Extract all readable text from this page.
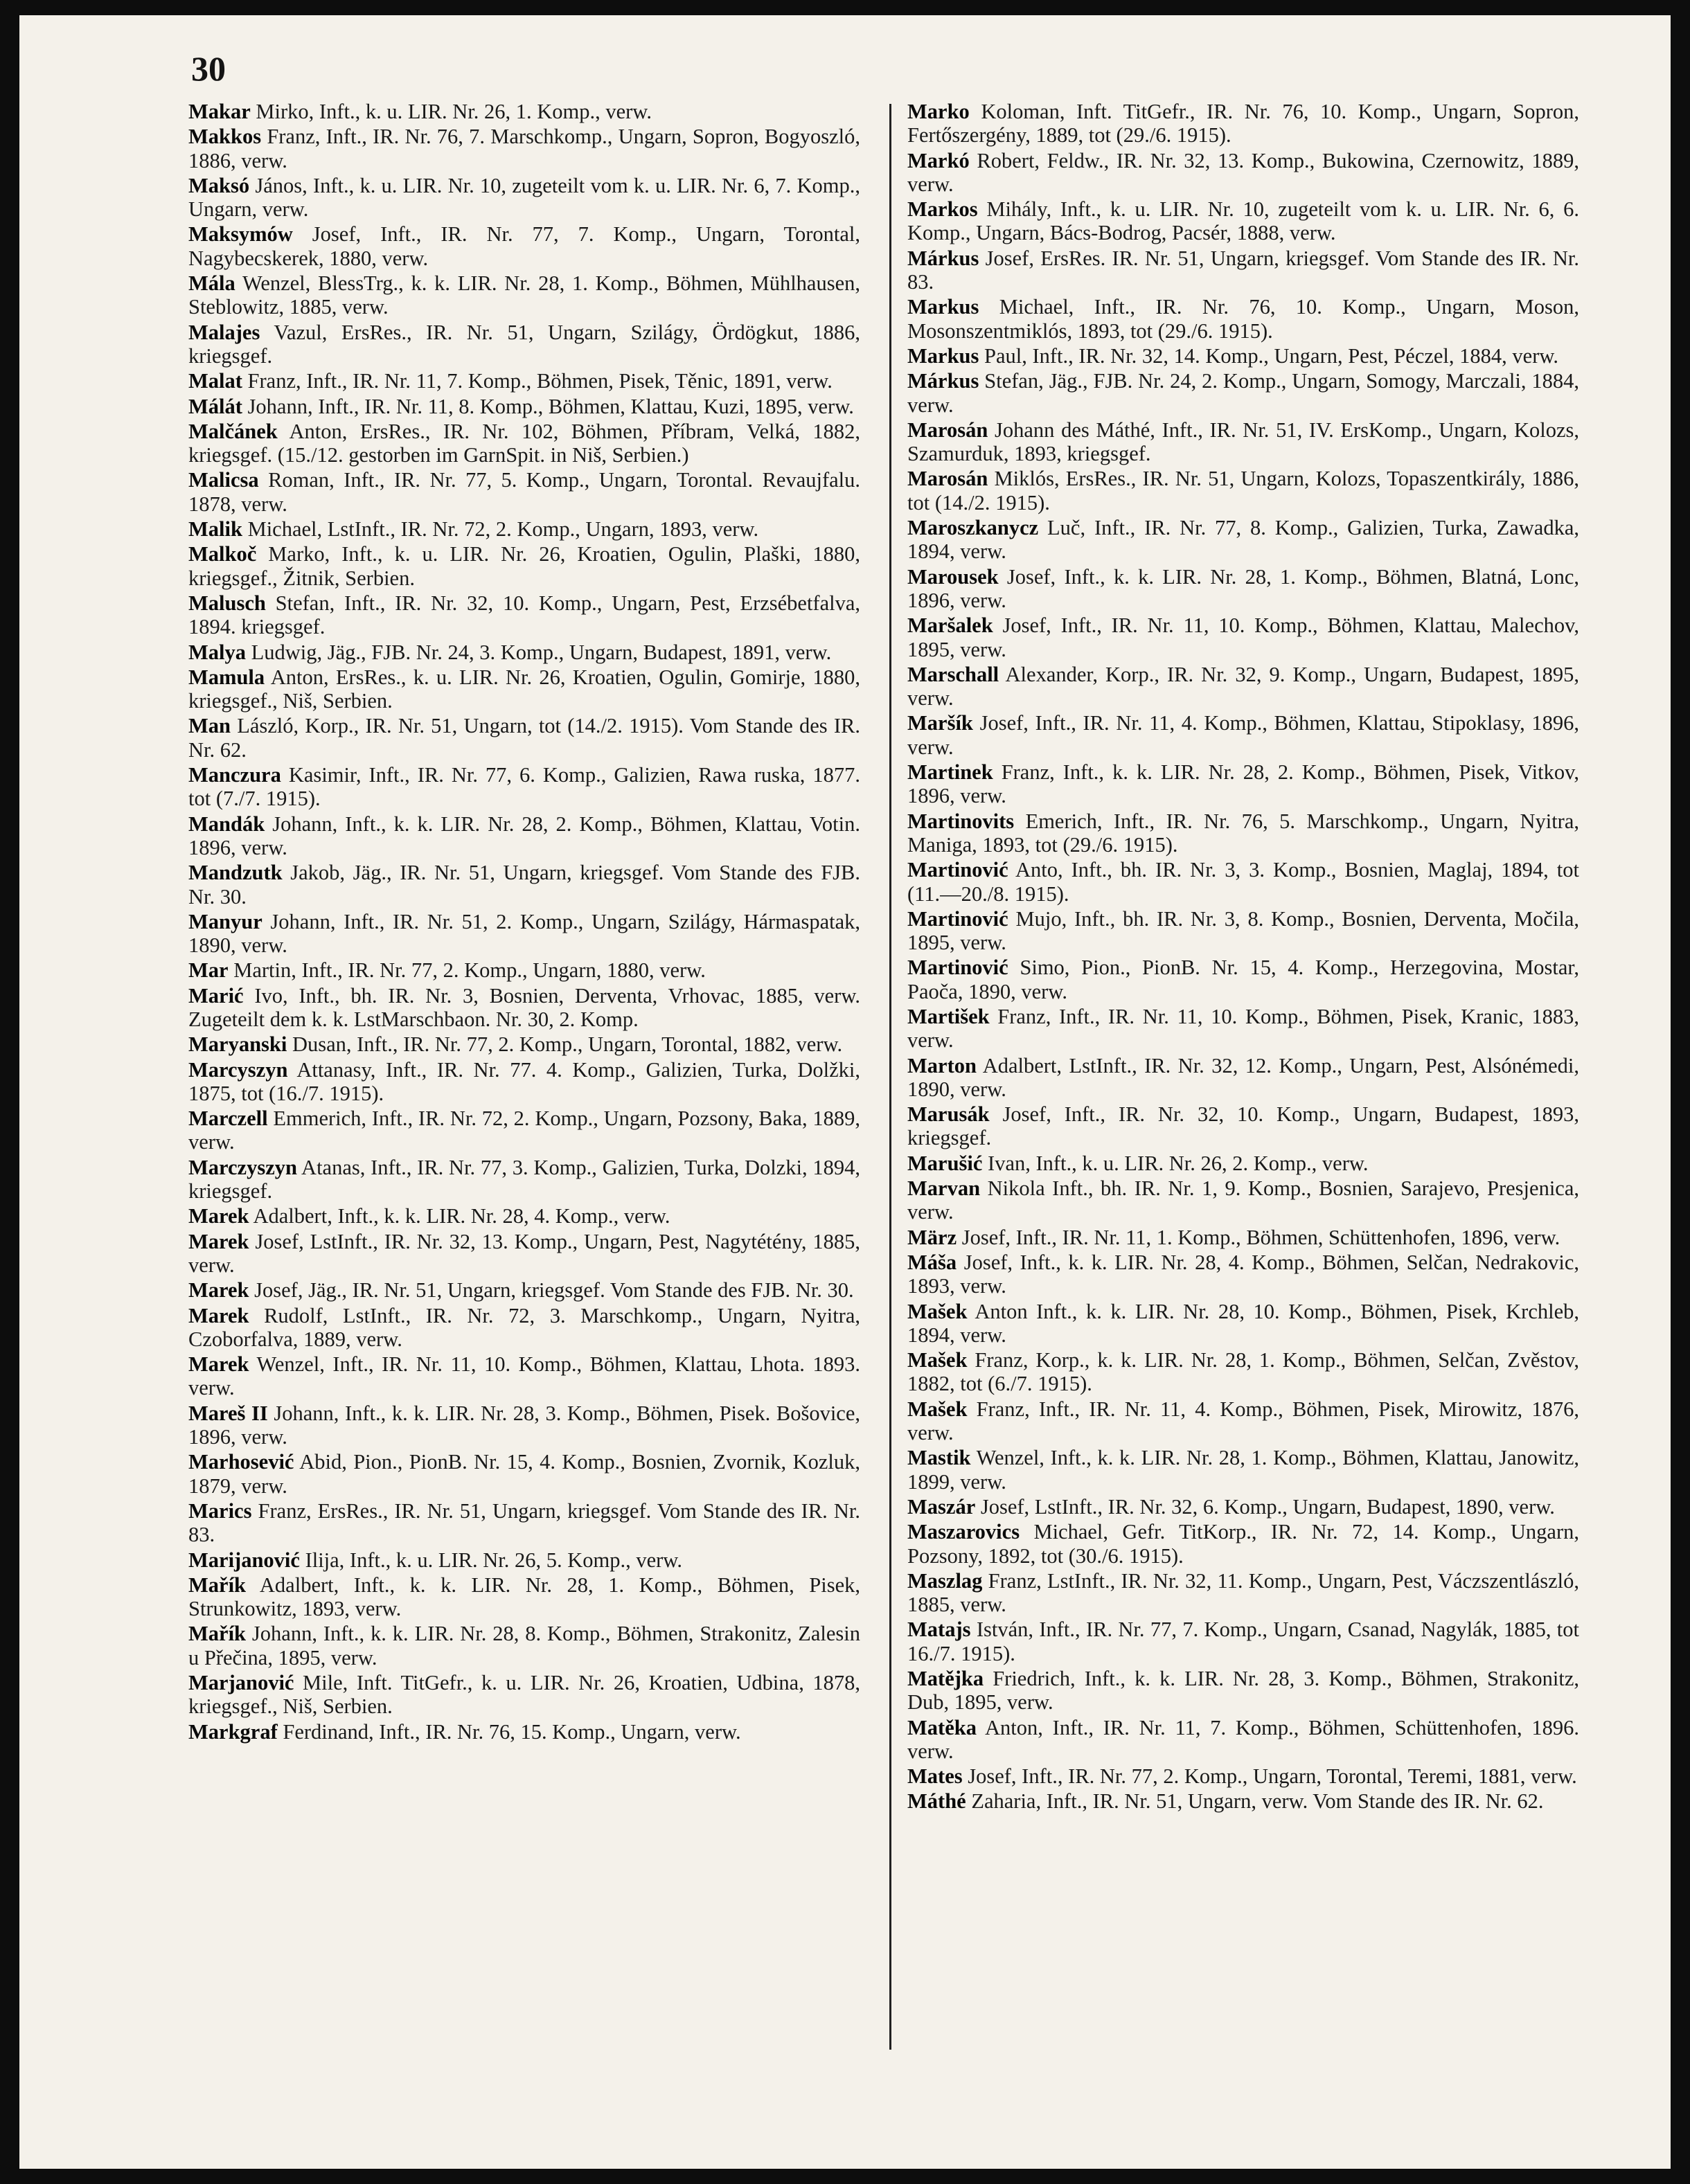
30
Makar Mirko, Inft., k. u. LIR. Nr. 26, 1. Komp., verw.
Makkos Franz, Inft., IR. Nr. 76, 7. Marschkomp., Ungarn, Sopron, Bogyoszló, 1886, verw.
Maksó János, Inft., k. u. LIR. Nr. 10, zugeteilt vom k. u. LIR. Nr. 6, 7. Komp., Ungarn, verw.
Maksymów Josef, Inft., IR. Nr. 77, 7. Komp., Ungarn, Torontal, Nagybecskerek, 1880, verw.
Mála Wenzel, BlessTrg., k. k. LIR. Nr. 28, 1. Komp., Böhmen, Mühlhausen, Steblowitz, 1885, verw.
Malajes Vazul, ErsRes., IR. Nr. 51, Ungarn, Szilágy, Ördögkut, 1886, kriegsgef.
Malat Franz, Inft., IR. Nr. 11, 7. Komp., Böhmen, Pisek, Těnic, 1891, verw.
Málát Johann, Inft., IR. Nr. 11, 8. Komp., Böhmen, Klattau, Kuzi, 1895, verw.
Malčánek Anton, ErsRes., IR. Nr. 102, Böhmen, Příbram, Velká, 1882, kriegsgef. (15./12. gestorben im GarnSpit. in Niš, Serbien.)
Malicsa Roman, Inft., IR. Nr. 77, 5. Komp., Ungarn, Torontal. Revaujfalu. 1878, verw.
Malik Michael, LstInft., IR. Nr. 72, 2. Komp., Ungarn, 1893, verw.
Malkoč Marko, Inft., k. u. LIR. Nr. 26, Kroatien, Ogulin, Plaški, 1880, kriegsgef., Žitnik, Serbien.
Malusch Stefan, Inft., IR. Nr. 32, 10. Komp., Ungarn, Pest, Erzsébetfalva, 1894. kriegsgef.
Malya Ludwig, Jäg., FJB. Nr. 24, 3. Komp., Ungarn, Budapest, 1891, verw.
Mamula Anton, ErsRes., k. u. LIR. Nr. 26, Kroatien, Ogulin, Gomirje, 1880, kriegsgef., Niš, Serbien.
Man László, Korp., IR. Nr. 51, Ungarn, tot (14./2. 1915). Vom Stande des IR. Nr. 62.
Manczura Kasimir, Inft., IR. Nr. 77, 6. Komp., Galizien, Rawa ruska, 1877. tot (7./7. 1915).
Mandák Johann, Inft., k. k. LIR. Nr. 28, 2. Komp., Böhmen, Klattau, Votin. 1896, verw.
Mandzutk Jakob, Jäg., IR. Nr. 51, Ungarn, kriegsgef. Vom Stande des FJB. Nr. 30.
Manyur Johann, Inft., IR. Nr. 51, 2. Komp., Ungarn, Szilágy, Hármaspatak, 1890, verw.
Mar Martin, Inft., IR. Nr. 77, 2. Komp., Ungarn, 1880, verw.
Marić Ivo, Inft., bh. IR. Nr. 3, Bosnien, Derventa, Vrhovac, 1885, verw. Zugeteilt dem k. k. LstMarschbaon. Nr. 30, 2. Komp.
Maryanski Dusan, Inft., IR. Nr. 77, 2. Komp., Ungarn, Torontal, 1882, verw.
Marcyszyn Attanasy, Inft., IR. Nr. 77. 4. Komp., Galizien, Turka, Dolžki, 1875, tot (16./7. 1915).
Marczell Emmerich, Inft., IR. Nr. 72, 2. Komp., Ungarn, Pozsony, Baka, 1889, verw.
Marczyszyn Atanas, Inft., IR. Nr. 77, 3. Komp., Galizien, Turka, Dolzki, 1894, kriegsgef.
Marek Adalbert, Inft., k. k. LIR. Nr. 28, 4. Komp., verw.
Marek Josef, LstInft., IR. Nr. 32, 13. Komp., Ungarn, Pest, Nagytétény, 1885, verw.
Marek Josef, Jäg., IR. Nr. 51, Ungarn, kriegsgef. Vom Stande des FJB. Nr. 30.
Marek Rudolf, LstInft., IR. Nr. 72, 3. Marschkomp., Ungarn, Nyitra, Czoborfalva, 1889, verw.
Marek Wenzel, Inft., IR. Nr. 11, 10. Komp., Böhmen, Klattau, Lhota. 1893. verw.
Mareš II Johann, Inft., k. k. LIR. Nr. 28, 3. Komp., Böhmen, Pisek. Bošovice, 1896, verw.
Marhosević Abid, Pion., PionB. Nr. 15, 4. Komp., Bosnien, Zvornik, Kozluk, 1879, verw.
Marics Franz, ErsRes., IR. Nr. 51, Ungarn, kriegsgef. Vom Stande des IR. Nr. 83.
Marijanović Ilija, Inft., k. u. LIR. Nr. 26, 5. Komp., verw.
Mařík Adalbert, Inft., k. k. LIR. Nr. 28, 1. Komp., Böhmen, Pisek, Strunkowitz, 1893, verw.
Mařík Johann, Inft., k. k. LIR. Nr. 28, 8. Komp., Böhmen, Strakonitz, Zalesin u Přečina, 1895, verw.
Marjanović Mile, Inft. TitGefr., k. u. LIR. Nr. 26, Kroatien, Udbina, 1878, kriegsgef., Niš, Serbien.
Markgraf Ferdinand, Inft., IR. Nr. 76, 15. Komp., Ungarn, verw.
Marko Koloman, Inft. TitGefr., IR. Nr. 76, 10. Komp., Ungarn, Sopron, Fertőszergény, 1889, tot (29./6. 1915).
Markó Robert, Feldw., IR. Nr. 32, 13. Komp., Bukowina, Czernowitz, 1889, verw.
Markos Mihály, Inft., k. u. LIR. Nr. 10, zugeteilt vom k. u. LIR. Nr. 6, 6. Komp., Ungarn, Bács-Bodrog, Pacsér, 1888, verw.
Márkus Josef, ErsRes. IR. Nr. 51, Ungarn, kriegsgef. Vom Stande des IR. Nr. 83.
Markus Michael, Inft., IR. Nr. 76, 10. Komp., Ungarn, Moson, Mosonszentmiklós, 1893, tot (29./6. 1915).
Markus Paul, Inft., IR. Nr. 32, 14. Komp., Ungarn, Pest, Péczel, 1884, verw.
Márkus Stefan, Jäg., FJB. Nr. 24, 2. Komp., Ungarn, Somogy, Marczali, 1884, verw.
Marosán Johann des Máthé, Inft., IR. Nr. 51, IV. ErsKomp., Ungarn, Kolozs, Szamurduk, 1893, kriegsgef.
Marosán Miklós, ErsRes., IR. Nr. 51, Ungarn, Kolozs, Topaszentkirály, 1886, tot (14./2. 1915).
Maroszkanycz Luč, Inft., IR. Nr. 77, 8. Komp., Galizien, Turka, Zawadka, 1894, verw.
Marousek Josef, Inft., k. k. LIR. Nr. 28, 1. Komp., Böhmen, Blatná, Lonc, 1896, verw.
Maršalek Josef, Inft., IR. Nr. 11, 10. Komp., Böhmen, Klattau, Malechov, 1895, verw.
Marschall Alexander, Korp., IR. Nr. 32, 9. Komp., Ungarn, Budapest, 1895, verw.
Maršík Josef, Inft., IR. Nr. 11, 4. Komp., Böhmen, Klattau, Stipoklasy, 1896, verw.
Martinek Franz, Inft., k. k. LIR. Nr. 28, 2. Komp., Böhmen, Pisek, Vitkov, 1896, verw.
Martinovits Emerich, Inft., IR. Nr. 76, 5. Marschkomp., Ungarn, Nyitra, Maniga, 1893, tot (29./6. 1915).
Martinović Anto, Inft., bh. IR. Nr. 3, 3. Komp., Bosnien, Maglaj, 1894, tot (11.—20./8. 1915).
Martinović Mujo, Inft., bh. IR. Nr. 3, 8. Komp., Bosnien, Derventa, Močila, 1895, verw.
Martinović Simo, Pion., PionB. Nr. 15, 4. Komp., Herzegovina, Mostar, Paoča, 1890, verw.
Martišek Franz, Inft., IR. Nr. 11, 10. Komp., Böhmen, Pisek, Kranic, 1883, verw.
Marton Adalbert, LstInft., IR. Nr. 32, 12. Komp., Ungarn, Pest, Alsónémedi, 1890, verw.
Marusák Josef, Inft., IR. Nr. 32, 10. Komp., Ungarn, Budapest, 1893, kriegsgef.
Marušić Ivan, Inft., k. u. LIR. Nr. 26, 2. Komp., verw.
Marvan Nikola Inft., bh. IR. Nr. 1, 9. Komp., Bosnien, Sarajevo, Presjenica, verw.
März Josef, Inft., IR. Nr. 11, 1. Komp., Böhmen, Schüttenhofen, 1896, verw.
Máša Josef, Inft., k. k. LIR. Nr. 28, 4. Komp., Böhmen, Selčan, Nedrakovic, 1893, verw.
Mašek Anton Inft., k. k. LIR. Nr. 28, 10. Komp., Böhmen, Pisek, Krchleb, 1894, verw.
Mašek Franz, Korp., k. k. LIR. Nr. 28, 1. Komp., Böhmen, Selčan, Zvěstov, 1882, tot (6./7. 1915).
Mašek Franz, Inft., IR. Nr. 11, 4. Komp., Böhmen, Pisek, Mirowitz, 1876, verw.
Mastik Wenzel, Inft., k. k. LIR. Nr. 28, 1. Komp., Böhmen, Klattau, Janowitz, 1899, verw.
Maszár Josef, LstInft., IR. Nr. 32, 6. Komp., Ungarn, Budapest, 1890, verw.
Maszarovics Michael, Gefr. TitKorp., IR. Nr. 72, 14. Komp., Ungarn, Pozsony, 1892, tot (30./6. 1915).
Maszlag Franz, LstInft., IR. Nr. 32, 11. Komp., Ungarn, Pest, Váczszentlászló, 1885, verw.
Matajs István, Inft., IR. Nr. 77, 7. Komp., Ungarn, Csanad, Nagylák, 1885, tot 16./7. 1915).
Matějka Friedrich, Inft., k. k. LIR. Nr. 28, 3. Komp., Böhmen, Strakonitz, Dub, 1895, verw.
Matěka Anton, Inft., IR. Nr. 11, 7. Komp., Böhmen, Schüttenhofen, 1896. verw.
Mates Josef, Inft., IR. Nr. 77, 2. Komp., Ungarn, Torontal, Teremi, 1881, verw.
Máthé Zaharia, Inft., IR. Nr. 51, Ungarn, verw. Vom Stande des IR. Nr. 62.
